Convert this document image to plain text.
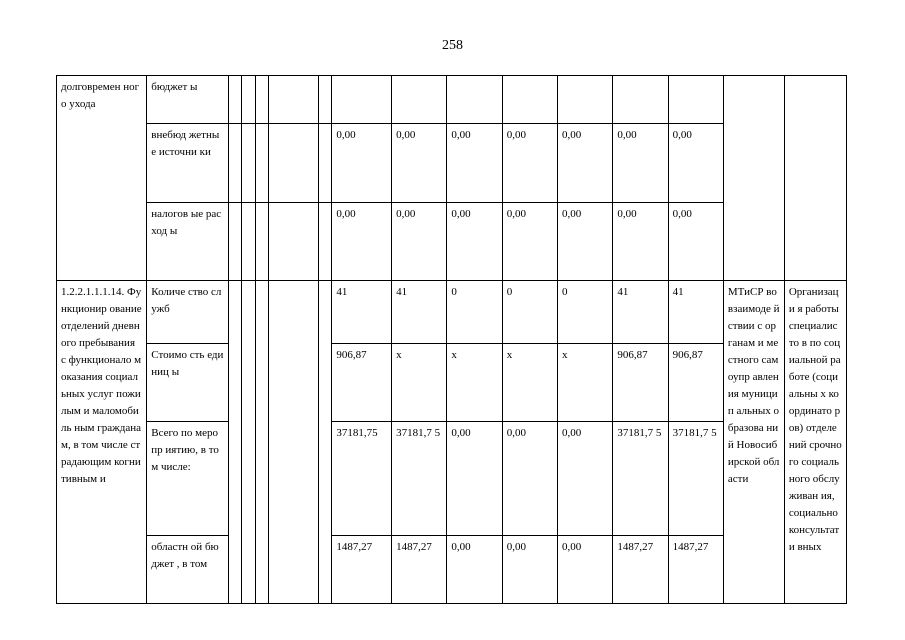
258
долговремен ного ухода	бюджет ы														
	внебюд жетные источни ки						0,00	0,00	0,00	0,00	0,00	0,00	0,00		
	налогов ые расход ы						0,00	0,00	0,00	0,00	0,00	0,00	0,00		
1.2.2.1.1.1.14. Функционир ование отделений дневного пребывания с функционало м оказания социальных услуг пожилым и маломобиль ным гражданам, в том числе страдающим когнитивным и	Количе ство служб						41	41	0	0	0	41	41	МТиСР во взаимоде йствии с органам и местного самоупр авления муницип альных образова ний Новосиб ирской области	Организаци я работы специалисто в по социальной работе (социальны х координато ров) отделений срочного социального обслуживан ия, социально консультати вных
	Стоимо сть единиц ы						906,87	x	x	x	x	906,87	906,87		
	Всего по меропр иятию, в том числе:						37181,75	37181,7 5	0,00	0,00	0,00	37181,7 5	37181,7 5		
	областн ой бюджет , в том						1487,27	1487,27	0,00	0,00	0,00	1487,27	1487,27		
